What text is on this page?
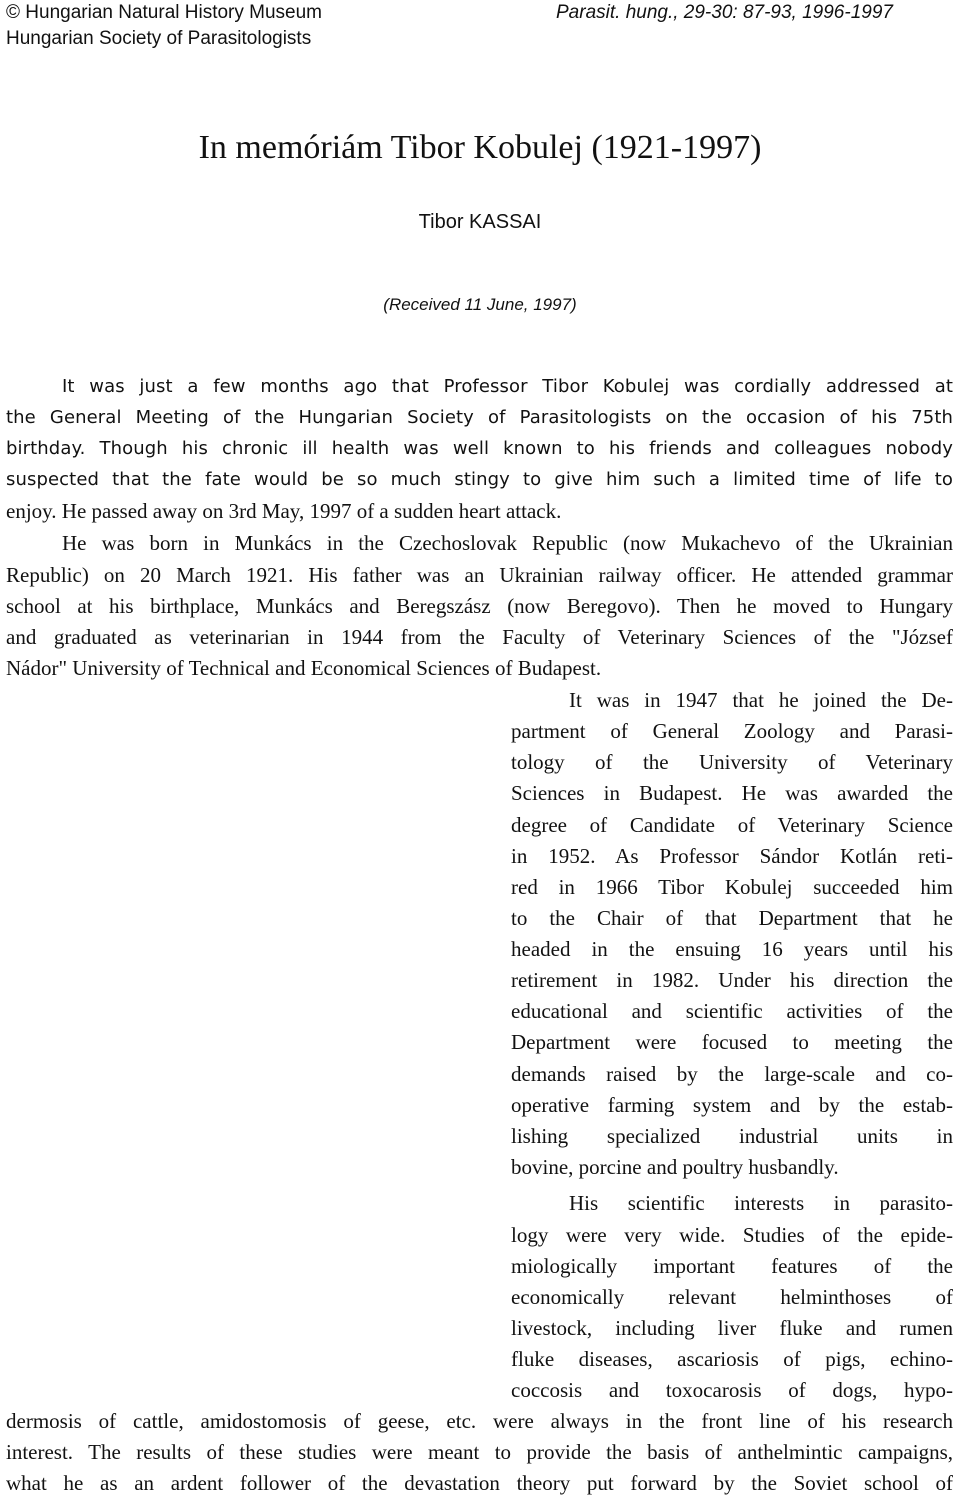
© Hungarian Natural History Museum
Hungarian Society of Parasitologists
Parasit. hung., 29-30: 87-93, 1996-1997
In memóriám Tibor Kobulej (1921-1997)
Tibor KASSAI
(Received 11 June, 1997)
It was just a few months ago that Professor Tibor Kobulej was cordially addressed at
the General Meeting of the Hungarian Society of Parasitologists on the occasion of his 75th
birthday. Though his chronic ill health was well known to his friends and colleagues nobody
suspected that the fate would be so much stingy to give him such a limited time of life to
enjoy. He passed away on 3rd May, 1997 of a sudden heart attack.
He was born in Munkács in the Czechoslovak Republic (now Mukachevo of the Ukrainian
Republic) on 20 March 1921. His father was an Ukrainian railway officer. He attended grammar
school at his birthplace, Munkács and Beregszász (now Beregovo). Then he moved to Hungary
and graduated as veterinarian in 1944 from the Faculty of Veterinary Sciences of the "József
Nádor" University of Technical and Economical Sciences of Budapest.
It was in 1947 that he joined the De-
partment of General Zoology and Parasi-
tology of the University of Veterinary
Sciences in Budapest. He was awarded the
degree of Candidate of Veterinary Science
in 1952. As Professor Sándor Kotlán reti-
red in 1966 Tibor Kobulej succeeded him
to the Chair of that Department that he
headed in the ensuing 16 years until his
retirement in 1982. Under his direction the
educational and scientific activities of the
Department were focused to meeting the
demands raised by the large-scale and co-
operative farming system and by the estab-
lishing specialized industrial units in
bovine, porcine and poultry husbandly.
His scientific interests in parasito-
logy were very wide. Studies of the epide-
miologically important features of the
economically relevant helminthoses of
livestock, including liver fluke and rumen
fluke diseases, ascariosis of pigs, echino-
coccosis and toxocarosis of dogs, hypo-
dermosis of cattle, amidostomosis of geese, etc. were always in the front line of his research
interest. The results of these studies were meant to provide the basis of anthelmintic campaigns,
what he as an ardent follower of the devastation theory put forward by the Soviet school of
